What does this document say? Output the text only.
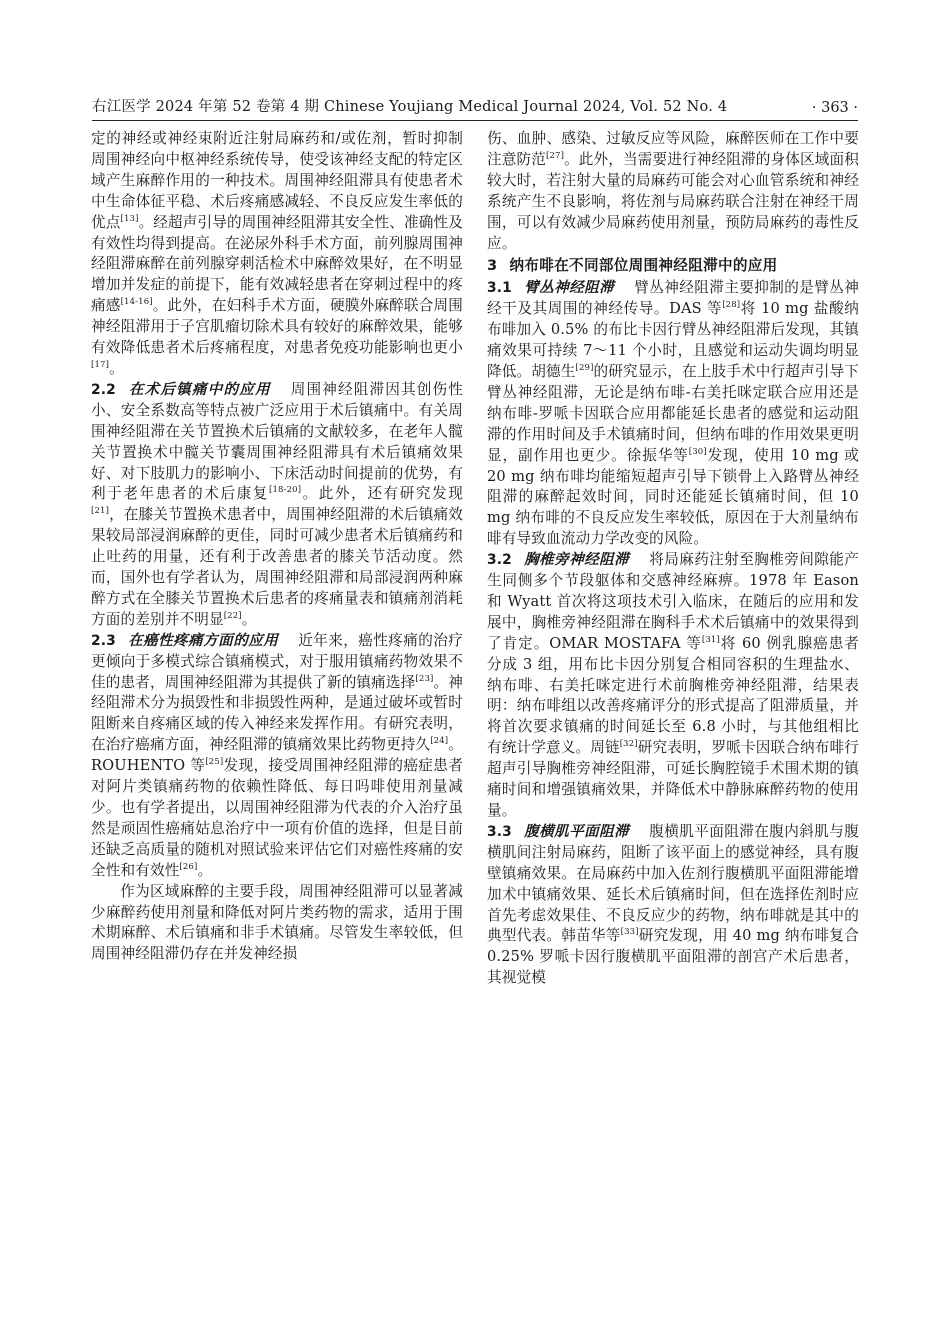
右江医学 2024 年第 52 卷第 4 期 Chinese Youjiang Medical Journal 2024, Vol. 52 No. 4	· 363 ·

定的神经或神经束附近注射局麻药和/或佐剂，暂时抑制周围神经向中枢神经系统传导，使受该神经支配的特定区域产生麻醉作用的一种技术。周围神经阻滞具有使患者术中生命体征平稳、术后疼痛感减轻、不良反应发生率低的优点[13]。经超声引导的周围神经阻滞其安全性、准确性及有效性均得到提高。在泌尿外科手术方面，前列腺周围神经阻滞麻醉在前列腺穿刺活检术中麻醉效果好，在不明显增加并发症的前提下，能有效减轻患者在穿刺过程中的疼痛感[14-16]。此外，在妇科手术方面，硬膜外麻醉联合周围神经阻滞用于子宫肌瘤切除术具有较好的麻醉效果，能够有效降低患者术后疼痛程度，对患者免疫功能影响也更小[17]。

2.2 在术后镇痛中的应用 周围神经阻滞因其创伤性小、安全系数高等特点被广泛应用于术后镇痛中。有关周围神经阻滞在关节置换术后镇痛的文献较多，在老年人髋关节置换术中髋关节囊周围神经阻滞具有术后镇痛效果好、对下肢肌力的影响小、下床活动时间提前的优势，有利于老年患者的术后康复[18-20]。此外，还有研究发现[21]，在膝关节置换术患者中，周围神经阻滞的术后镇痛效果较局部浸润麻醉的更佳，同时可减少患者术后镇痛药和止吐药的用量，还有利于改善患者的膝关节活动度。然而，国外也有学者认为，周围神经阻滞和局部浸润两种麻醉方式在全膝关节置换术后患者的疼痛量表和镇痛剂消耗方面的差别并不明显[22]。

2.3 在癌性疼痛方面的应用 近年来，癌性疼痛的治疗更倾向于多模式综合镇痛模式，对于服用镇痛药物效果不佳的患者，周围神经阻滞为其提供了新的镇痛选择[23]。神经阻滞术分为损毁性和非损毁性两种，是通过破坏或暂时阻断来自疼痛区域的传入神经来发挥作用。有研究表明，在治疗癌痛方面，神经阻滞的镇痛效果比药物更持久[24]。ROUHENTO 等[25]发现，接受周围神经阻滞的癌症患者对阿片类镇痛药物的依赖性降低、每日吗啡使用剂量减少。也有学者提出，以周围神经阻滞为代表的介入治疗虽然是顽固性癌痛姑息治疗中一项有价值的选择，但是目前还缺乏高质量的随机对照试验来评估它们对癌性疼痛的安全性和有效性[26]。

作为区域麻醉的主要手段，周围神经阻滞可以显著减少麻醉药使用剂量和降低对阿片类药物的需求，适用于围术期麻醉、术后镇痛和非手术镇痛。尽管发生率较低，但周围神经阻滞仍存在并发神经损

伤、血肿、感染、过敏反应等风险，麻醉医师在工作中要注意防范[27]。此外，当需要进行神经阻滞的身体区域面积较大时，若注射大量的局麻药可能会对心血管系统和神经系统产生不良影响，将佐剂与局麻药联合注射在神经干周围，可以有效减少局麻药使用剂量，预防局麻药的毒性反应。

3 纳布啡在不同部位周围神经阻滞中的应用

3.1 臂丛神经阻滞 臂丛神经阻滞主要抑制的是臂丛神经干及其周围的神经传导。DAS 等[28]将 10 mg 盐酸纳布啡加入 0.5% 的布比卡因行臂丛神经阻滞后发现，其镇痛效果可持续 7～11 个小时，且感觉和运动失调均明显降低。胡德生[29]的研究显示，在上肢手术中行超声引导下臂丛神经阻滞，无论是纳布啡-右美托咪定联合应用还是纳布啡-罗哌卡因联合应用都能延长患者的感觉和运动阻滞的作用时间及手术镇痛时间，但纳布啡的作用效果更明显，副作用也更少。徐振华等[30]发现，使用 10 mg 或 20 mg 纳布啡均能缩短超声引导下锁骨上入路臂丛神经阻滞的麻醉起效时间，同时还能延长镇痛时间，但 10 mg 纳布啡的不良反应发生率较低，原因在于大剂量纳布啡有导致血流动力学改变的风险。

3.2 胸椎旁神经阻滞 将局麻药注射至胸椎旁间隙能产生同侧多个节段躯体和交感神经麻痹。1978 年 Eason 和 Wyatt 首次将这项技术引入临床，在随后的应用和发展中，胸椎旁神经阻滞在胸科手术术后镇痛中的效果得到了肯定。OMAR MOSTAFA 等[31]将 60 例乳腺癌患者分成 3 组，用布比卡因分别复合相同容积的生理盐水、纳布啡、右美托咪定进行术前胸椎旁神经阻滞，结果表明：纳布啡组以改善疼痛评分的形式提高了阻滞质量，并将首次要求镇痛的时间延长至 6.8 小时，与其他组相比有统计学意义。周链[32]研究表明，罗哌卡因联合纳布啡行超声引导胸椎旁神经阻滞，可延长胸腔镜手术围术期的镇痛时间和增强镇痛效果，并降低术中静脉麻醉药物的使用量。

3.3 腹横肌平面阻滞 腹横肌平面阻滞在腹内斜肌与腹横肌间注射局麻药，阻断了该平面上的感觉神经，具有腹壁镇痛效果。在局麻药中加入佐剂行腹横肌平面阻滞能增加术中镇痛效果、延长术后镇痛时间，但在选择佐剂时应首先考虑效果佳、不良反应少的药物，纳布啡就是其中的典型代表。韩苗华等[33]研究发现，用 40 mg 纳布啡复合 0.25% 罗哌卡因行腹横肌平面阻滞的剖宫产术后患者，其视觉模
